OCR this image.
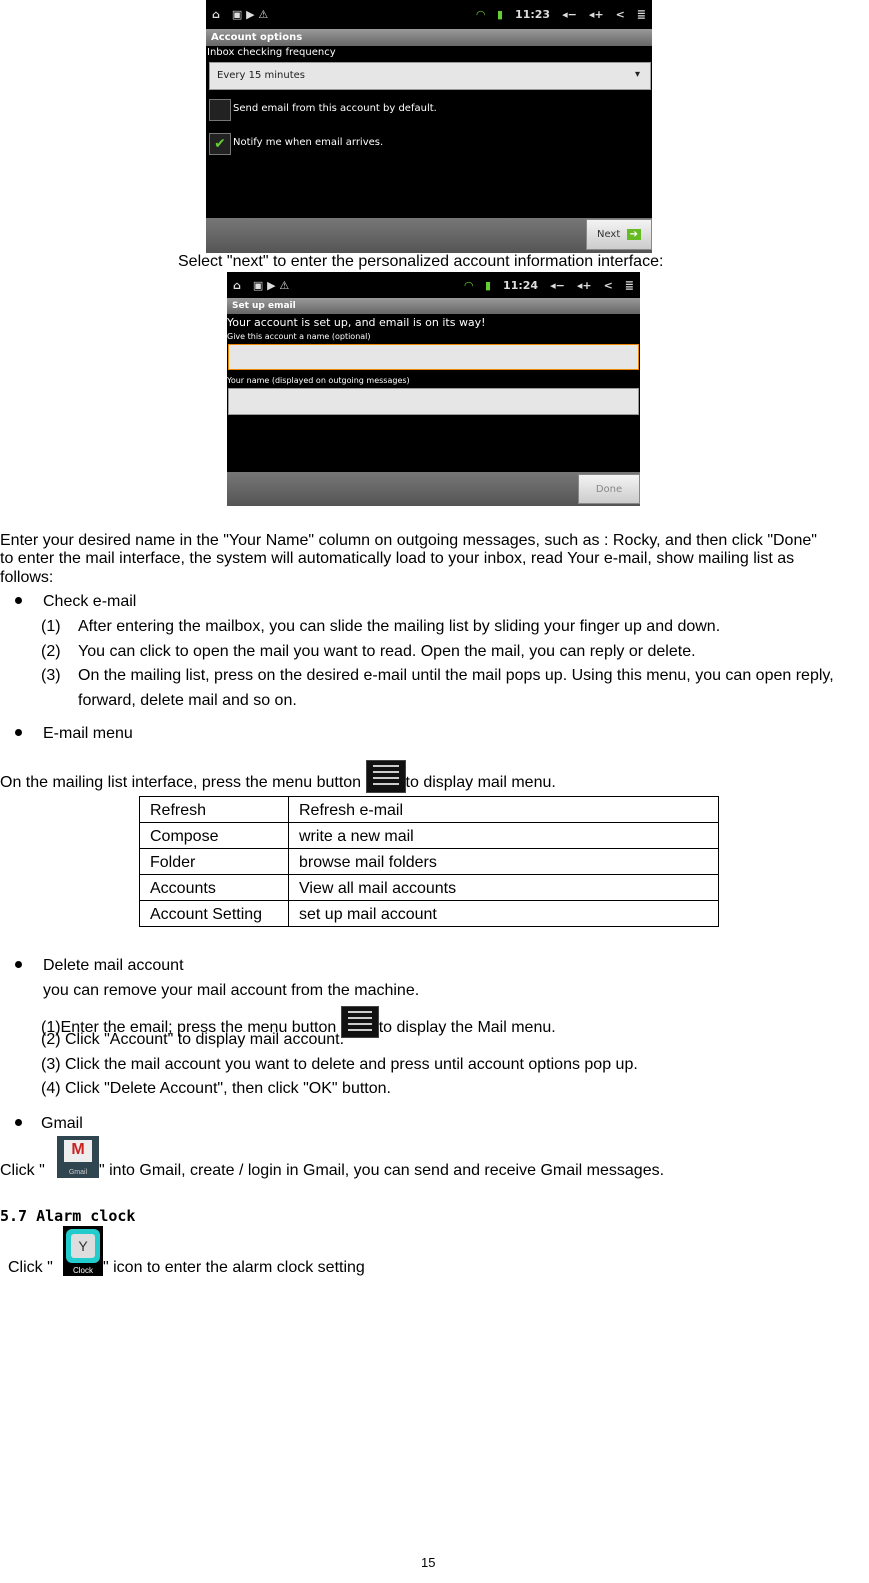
⌂ ▣ ▶ ⚠	◠ ▮ 11:23 ◂− ◂+ < ≣
Account options
Inbox checking frequency
Every 15 minutes	▾
Send email from this account by default.
✔ Notify me when email arrives.
Next
➔
Select "next" to enter the personalized account information interface:
⌂ ▣ ▶ ⚠	◠ ▮ 11:24 ◂− ◂+ < ≣
Set up email
Your account is set up, and email is on its way!
Give this account a name (optional)
Your name (displayed on outgoing messages)
Done
Enter your desired name in the "Your Name" column on outgoing messages, such as : Rocky, and then click "Done"
to enter the mail interface, the system will automatically load to your inbox, read Your e-mail, show mailing list as
follows:
Check e-mail
(1) After entering the mailbox, you can slide the mailing list by sliding your finger up and down.
(2) You can click to open the mail you want to read. Open the mail, you can reply or delete.
(3) On the mailing list, press on the desired e-mail until the mail pops up. Using this menu, you can open reply,
forward, delete mail and so on.
E-mail menu
On the mailing list interface, press the menu button	to display mail menu.
Refresh	Refresh e-mail
Compose	write a new mail
Folder	browse mail folders
Accounts	View all mail accounts
Account Setting	set up mail account
Delete mail account
you can remove your mail account from the machine.
(1)Enter the email; press the menu button
to display the Mail menu.
(2) Click "Account" to display mail account.
(3) Click the mail account you want to delete and press until account options pop up.
(4) Click "Delete Account", then click "OK" button.
Gmail
Click "
M
Gmail " into Gmail, create / login in Gmail, you can send and receive Gmail messages.
5.7 Alarm clock
Click "
Y
Clock " icon to enter the alarm clock setting
15
